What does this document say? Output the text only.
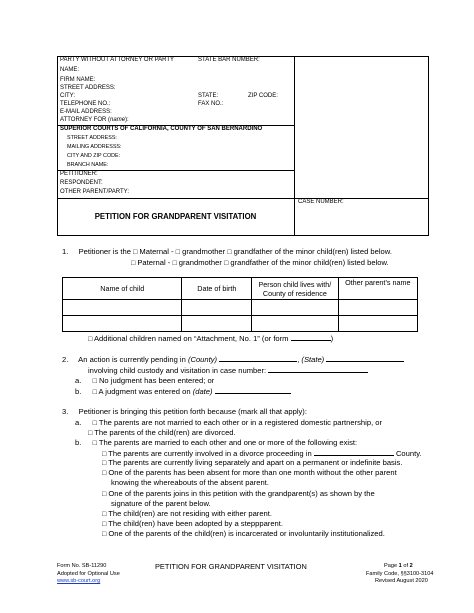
PARTY WITHOUT ATTORNEY OR PARTY	STATE BAR NUMBER:
NAME:
FIRM NAME:
STREET ADDRESS:
CITY:	STATE:	ZIP CODE:
TELEPHONE NO.:	FAX NO.:
E-MAIL ADDRESS:
ATTORNEY FOR (name):
SUPERIOR COURTS OF CALIFORNIA, COUNTY OF SAN BERNARDINO
STREET ADDRESS:
MAILING ADDRESSS:
CITY AND ZIP CODE:
BRANCH NAME:
PETITIONER:
RESPONDENT:
OTHER PARENT/PARTY:
CASE NUMBER:
PETITION FOR GRANDPARENT VISITATION
1. Petitioner is the □ Maternal - □ grandmother □ grandfather of the minor child(ren) listed below.
□ Paternal - □ grandmother □ grandfather of the minor child(ren) listed below.
Name of child	Date of birth	Person child lives with/ County of residence	Other parent’s name

□ Additional children named on “Attachment, No. 1” (or form	)
2. An action is currently pending in (County)	, (State)
involving child custody and visitation in case number:
a. □ No judgment has been entered; or
b. □ A judgment was entered on (date)
3. Petitioner is bringing this petition forth because (mark all that apply):
a. □ The parents are not married to each other or in a registered domestic partnership, or
□ The parents of the child(ren) are divorced.
b. □ The parents are married to each other and one or more of the following exist:
□ The parents are currently involved in a divorce proceeding in	County.
□ The parents are currently living separately and apart on a permanent or indefinite basis.
□ One of the parents has been absent for more than one month without the other parent
knowing the whereabouts of the absent parent.
□ One of the parents joins in this petition with the grandparent(s) as shown by the
signature of the parent below.
□ The child(ren) are not residing with either parent.
□ The child(ren) have been adopted by a steppparent.
□ One of the parents of the child(ren) is incarcerated or involuntarily institutionalized.
Form No. SB-11290
Adopted for Optional Use
www.sb-court.org
PETITION FOR GRANDPARENT VISITATION	Page 1 of 2
Family Code, §§3100-3104
Revised August 2020
